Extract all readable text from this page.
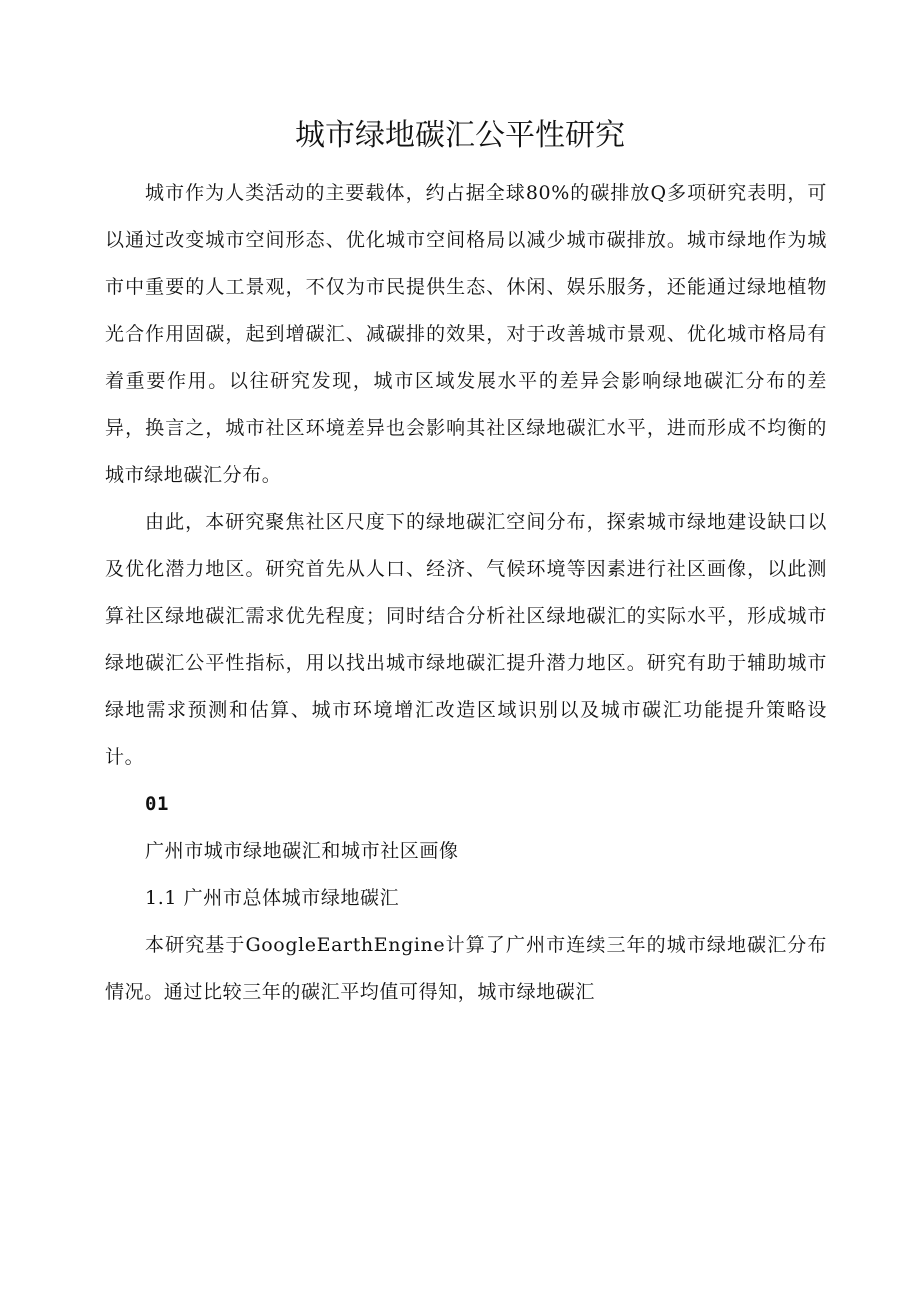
城市绿地碳汇公平性研究

城市作为人类活动的主要载体，约占据全球80%的碳排放Q多项研究表明，可以通过改变城市空间形态、优化城市空间格局以减少城市碳排放。城市绿地作为城市中重要的人工景观，不仅为市民提供生态、休闲、娱乐服务，还能通过绿地植物光合作用固碳，起到增碳汇、减碳排的效果，对于改善城市景观、优化城市格局有着重要作用。以往研究发现，城市区域发展水平的差异会影响绿地碳汇分布的差异，换言之，城市社区环境差异也会影响其社区绿地碳汇水平，进而形成不均衡的城市绿地碳汇分布。

由此，本研究聚焦社区尺度下的绿地碳汇空间分布，探索城市绿地建设缺口以及优化潜力地区。研究首先从人口、经济、气候环境等因素进行社区画像，以此测算社区绿地碳汇需求优先程度；同时结合分析社区绿地碳汇的实际水平，形成城市绿地碳汇公平性指标，用以找出城市绿地碳汇提升潜力地区。研究有助于辅助城市绿地需求预测和估算、城市环境增汇改造区域识别以及城市碳汇功能提升策略设计。

01

广州市城市绿地碳汇和城市社区画像

1.1 广州市总体城市绿地碳汇

本研究基于GoogleEarthEngine计算了广州市连续三年的城市绿地碳汇分布情况。通过比较三年的碳汇平均值可得知，城市绿地碳汇
